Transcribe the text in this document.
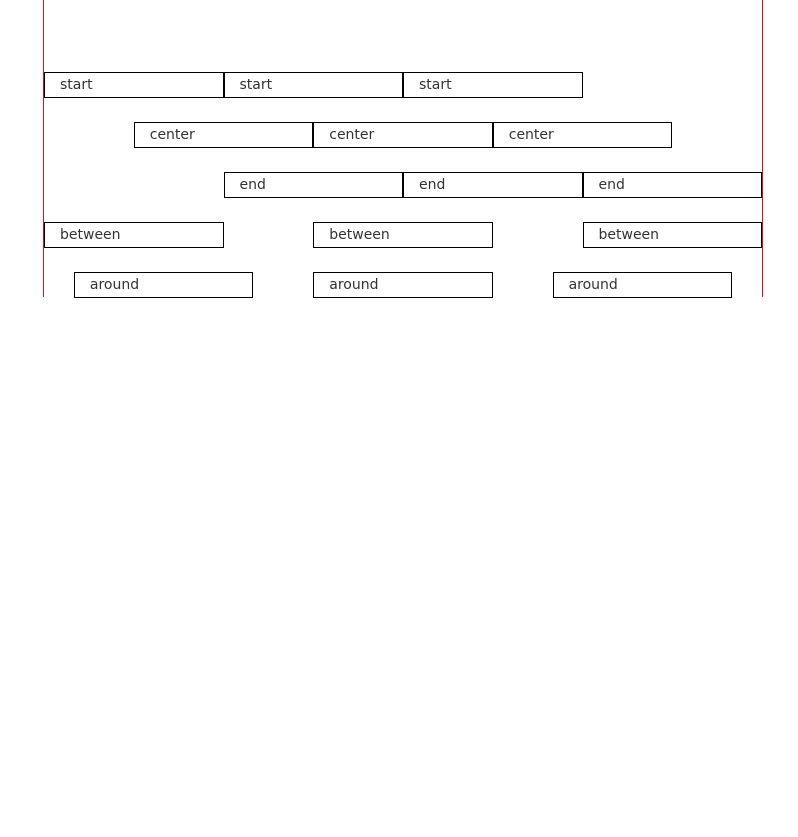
start	start	start
center	center	center
end	end	end
between	between	between
around	around	around
